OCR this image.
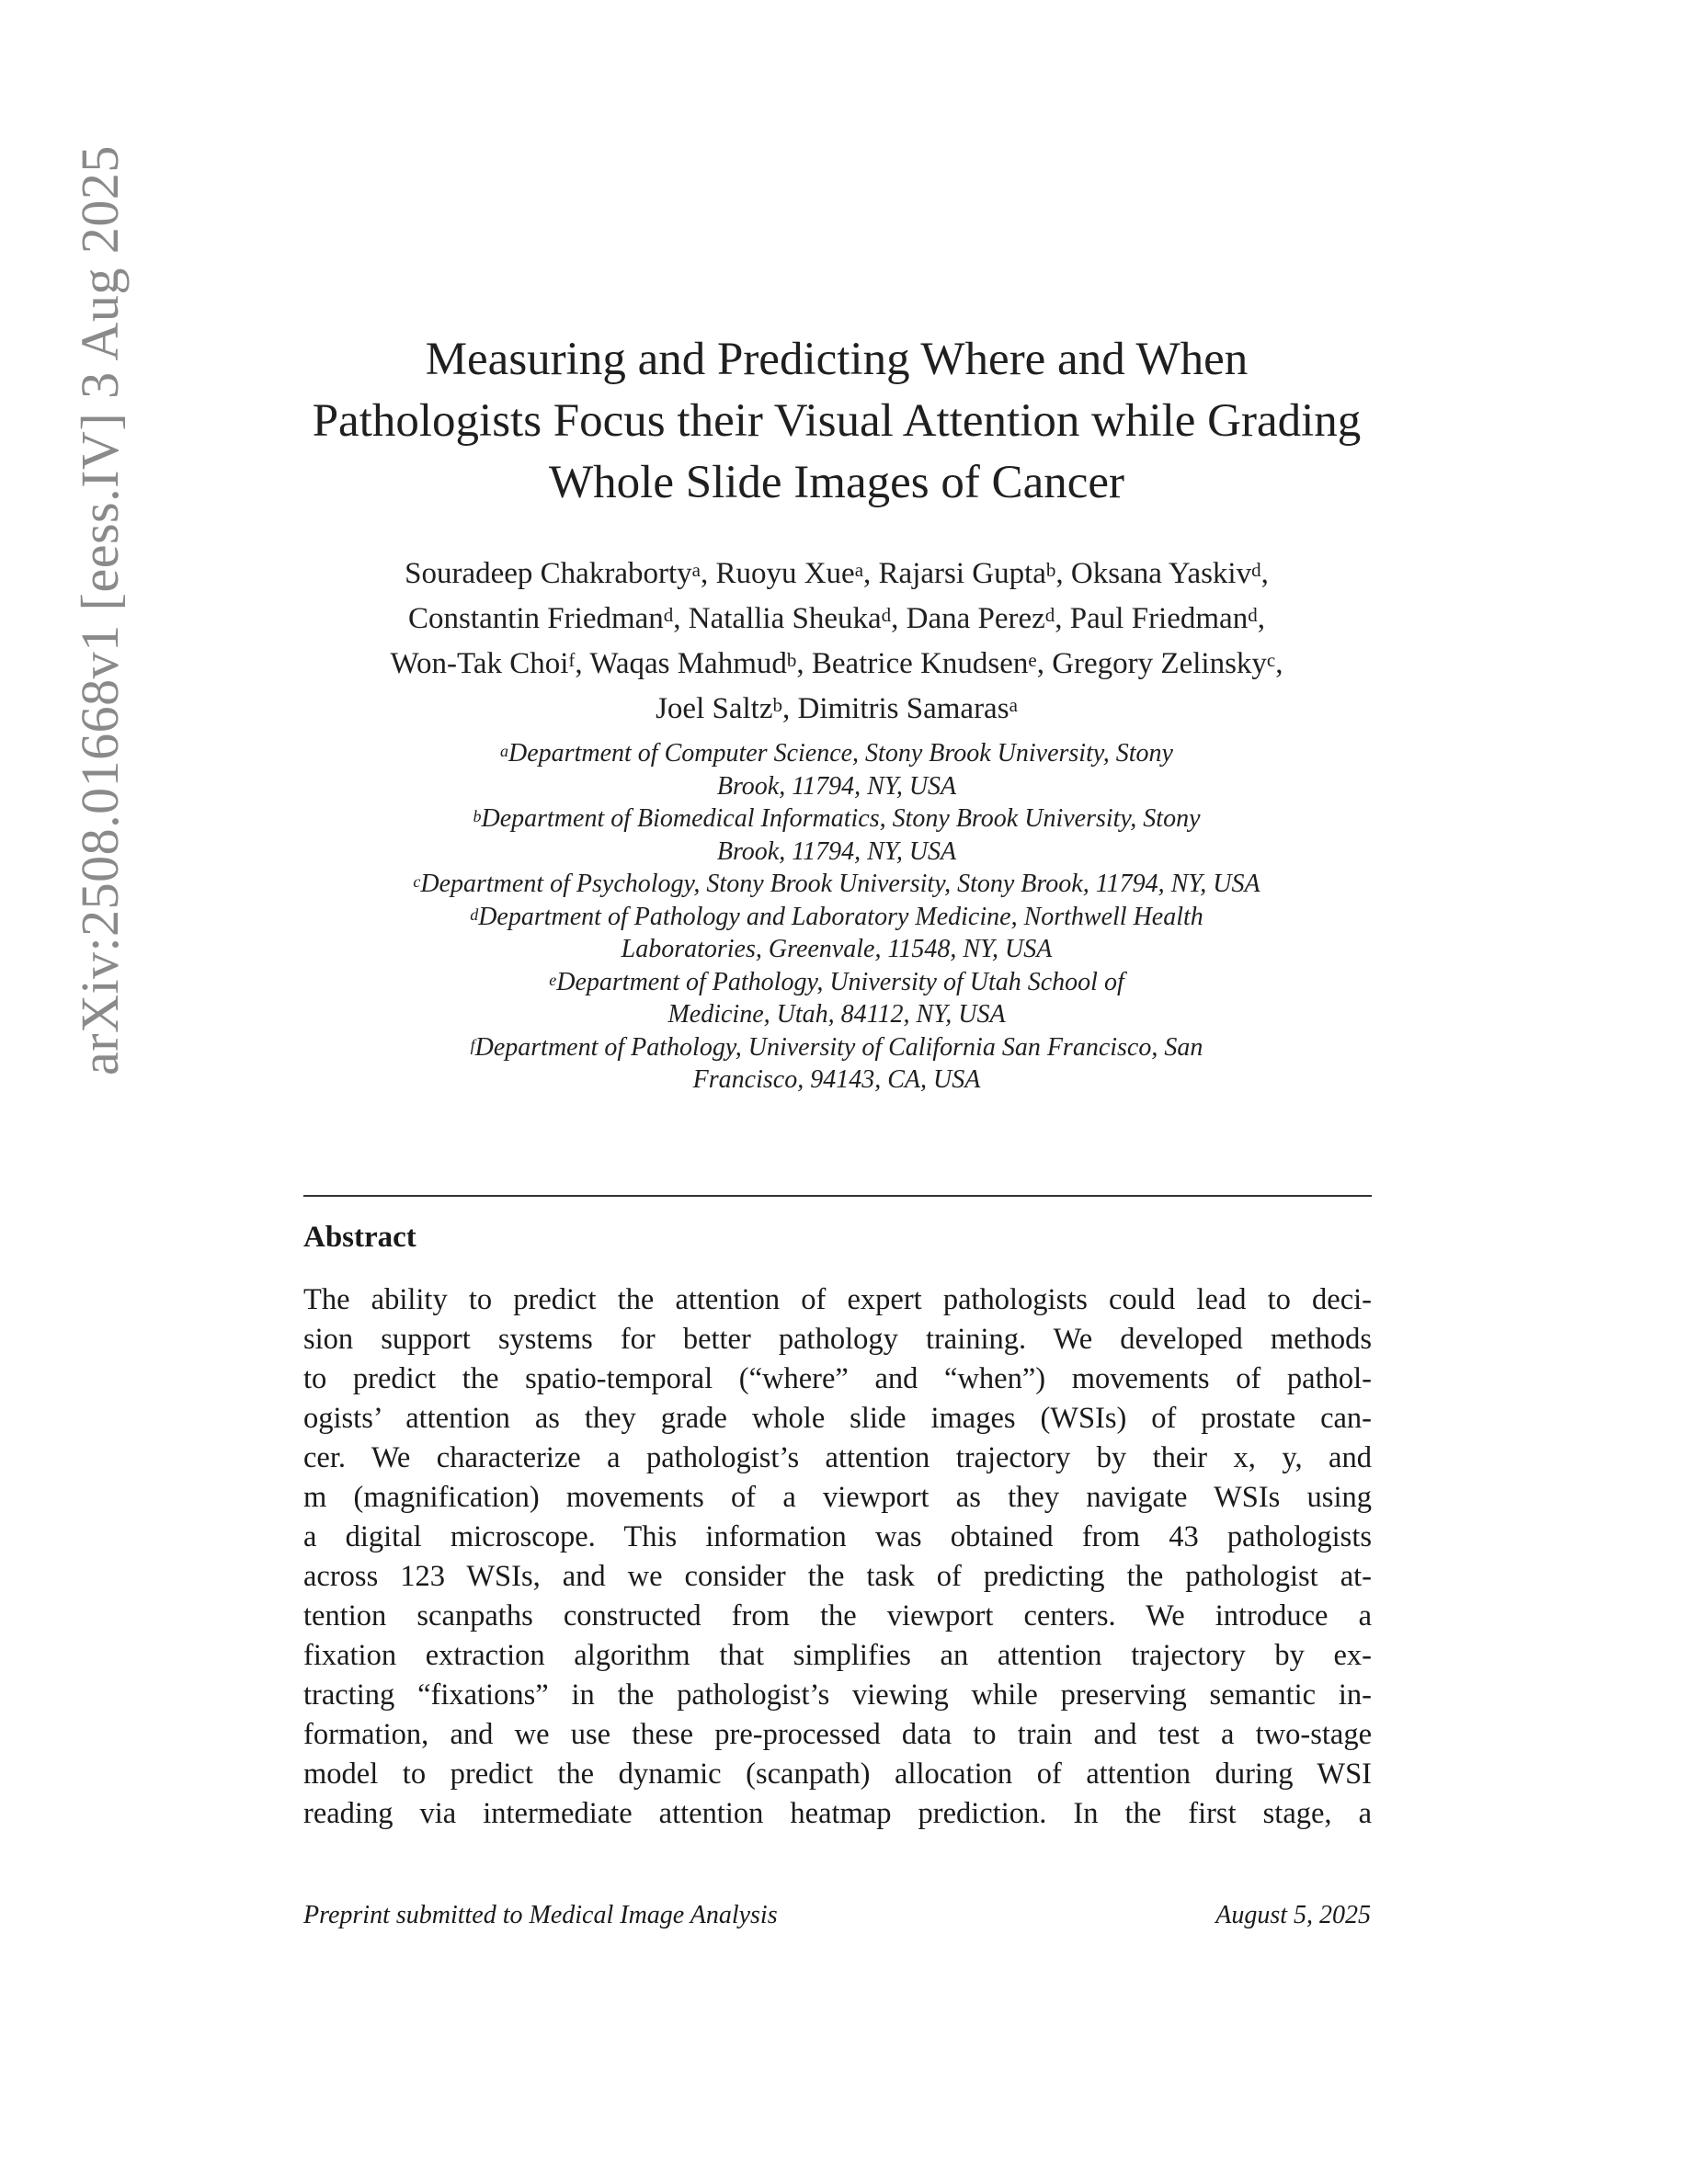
arXiv:2508.01668v1 [eess.IV] 3 Aug 2025	Measuring and Predicting Where and When
Pathologists Focus their Visual Attention while Grading
Whole Slide Images of Cancer
Souradeep Chakraborty$^a$, Ruoyu Xue$^a$, Rajarsi Gupta$^b$, Oksana Yaskiv$^d$,
Constantin Friedman$^d$, Natallia Sheuka$^d$, Dana Perez$^d$, Paul Friedman$^d$,
Won-Tak Choi$^f$, Waqas Mahmud$^b$, Beatrice Knudsen$^e$, Gregory Zelinsky$^c$,
Joel Saltz$^b$, Dimitris Samaras$^a$
$^a$Department of Computer Science, Stony Brook University, Stony
Brook, 11794, NY, USA
$^b$Department of Biomedical Informatics, Stony Brook University, Stony
Brook, 11794, NY, USA
$^c$Department of Psychology, Stony Brook University, Stony Brook, 11794, NY, USA
$^d$Department of Pathology and Laboratory Medicine, Northwell Health
Laboratories, Greenvale, 11548, NY, USA
$^e$Department of Pathology, University of Utah School of
Medicine, Utah, 84112, NY, USA
$^f$Department of Pathology, University of California San Francisco, San
Francisco, 94143, CA, USA
Abstract
The ability to predict the attention of expert pathologists could lead to deci-
sion support systems for better pathology training. We developed methods
to predict the spatio-temporal (“where” and “when”) movements of pathol-
ogists’ attention as they grade whole slide images (WSIs) of prostate can-
cer. We characterize a pathologist’s attention trajectory by their x, y, and
m (magnification) movements of a viewport as they navigate WSIs using
a digital microscope. This information was obtained from 43 pathologists
across 123 WSIs, and we consider the task of predicting the pathologist at-
tention scanpaths constructed from the viewport centers. We introduce a
fixation extraction algorithm that simplifies an attention trajectory by ex-
tracting “fixations” in the pathologist’s viewing while preserving semantic in-
formation, and we use these pre-processed data to train and test a two-stage
model to predict the dynamic (scanpath) allocation of attention during WSI
reading via intermediate attention heatmap prediction. In the first stage, a
Preprint submitted to Medical Image Analysis	August 5, 2025
